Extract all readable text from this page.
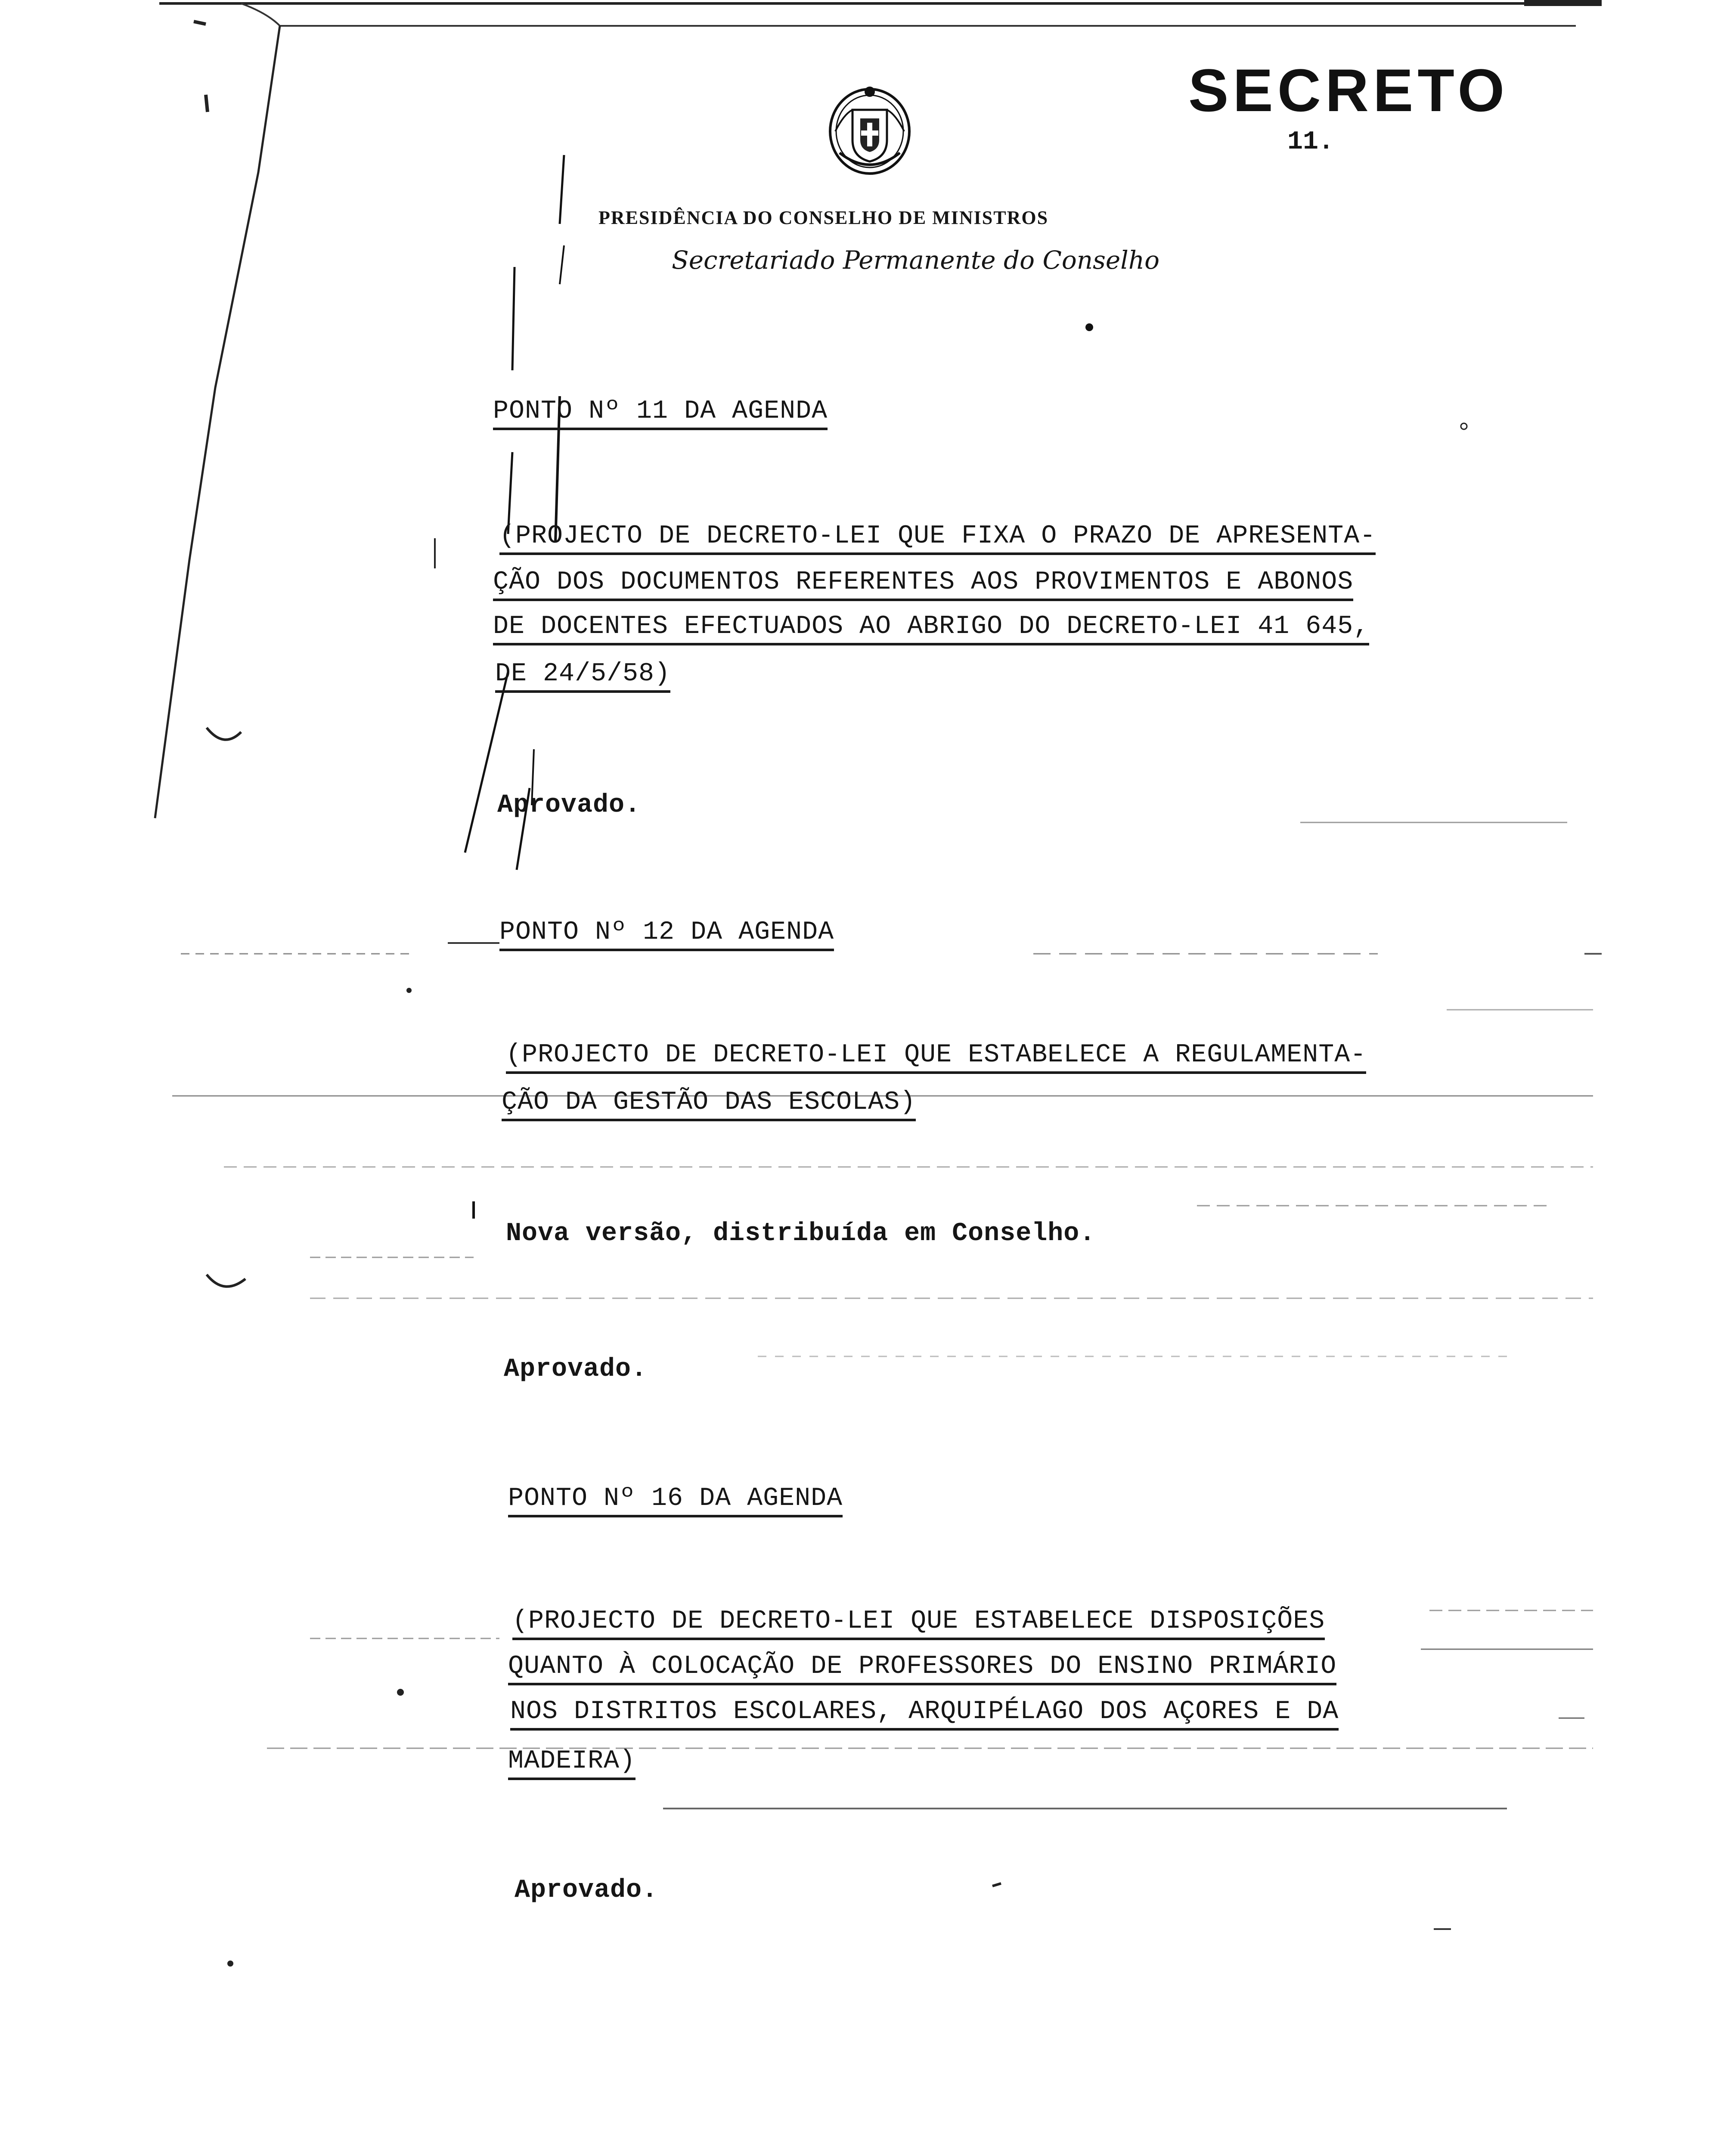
SECRETO
11.
PRESIDÊNCIA DO CONSELHO DE MINISTROS
Secretariado Permanente do Conselho
PONTO Nº 11 DA AGENDA
(PROJECTO DE DECRETO-LEI QUE FIXA O PRAZO DE APRESENTA-
ÇÃO DOS DOCUMENTOS REFERENTES AOS PROVIMENTOS E ABONOS
DE DOCENTES EFECTUADOS AO ABRIGO DO DECRETO-LEI 41 645,
DE 24/5/58)
Aprovado.
PONTO Nº 12 DA AGENDA
(PROJECTO DE DECRETO-LEI QUE ESTABELECE A REGULAMENTA-
ÇÃO DA GESTÃO DAS ESCOLAS)
Nova versão, distribuída em Conselho.
Aprovado.
PONTO Nº 16 DA AGENDA
(PROJECTO DE DECRETO-LEI QUE ESTABELECE DISPOSIÇÕES
QUANTO À COLOCAÇÃO DE PROFESSORES DO ENSINO PRIMÁRIO
NOS DISTRITOS ESCOLARES, ARQUIPÉLAGO DOS AÇORES E DA
MADEIRA)
Aprovado.
